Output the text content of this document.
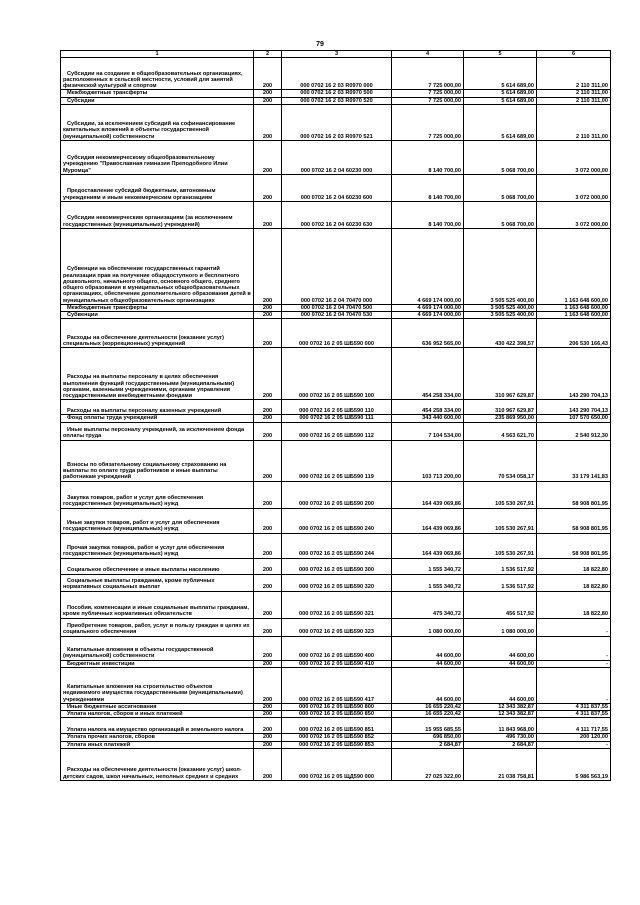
79
1	2	3	4	5	6
Субсидии на создание в общеобразовательных организациях, расположенных в сельской местности, условий для занятий физической культурой и спортом	200	000 0702 16 2 03 R0970 000	7 725 000,00	5 614 689,00	2 110 311,00
Межбюджетные трансферты	200	000 0702 16 2 03 R0970 500	7 725 000,00	5 614 689,00	2 110 311,00
Субсидии	200	000 0702 16 2 03 R0970 520	7 725 000,00	5 614 689,00	2 110 311,00
Субсидии, за исключением субсидий на софинансирование капитальных вложений в объекты государственной (муниципальной) собственности	200	000 0702 16 2 03 R0970 521	7 725 000,00	5 614 689,00	2 110 311,00
Субсидия некоммерческому общеобразовательному учреждению "Православная гимназия Преподобного Илии Муромца"	200	000 0702 16 2 04 60230 000	8 140 700,00	5 068 700,00	3 072 000,00
Предоставление субсидий бюджетным, автономным учреждениям и иным некоммерческим организациям	200	000 0702 16 2 04 60230 600	8 140 700,00	5 068 700,00	3 072 000,00
Субсидии некоммерческим организациям (за исключением государственных (муниципальных) учреждений)	200	000 0702 16 2 04 60230 630	8 140 700,00	5 068 700,00	3 072 000,00
Субвенции на обеспечение государственных гарантий реализации прав на получение общедоступного и бесплатного дошкольного, начального общего, основного общего, среднего общего образования в муниципальных общеобразовательных организациях, обеспечение дополнительного образования детей в муниципальных общеобразовательных организациях	200	000 0702 16 2 04 70470 000	4 669 174 000,00	3 505 525 400,00	1 163 648 600,00
Межбюджетные трансферты	200	000 0702 16 2 04 70470 500	4 669 174 000,00	3 505 525 400,00	1 163 648 600,00
Субвенции	200	000 0702 16 2 04 70470 530	4 669 174 000,00	3 505 525 400,00	1 163 648 600,00
Расходы на обеспечение деятельности (оказание услуг) специальных (коррекционных) учреждений	200	000 0702 16 2 05 ШБ590 000	636 952 565,00	430 422 398,57	206 530 166,43
Расходы на выплаты персоналу в целях обеспечения выполнения функций государственными (муниципальными) органами, казенными учреждениями, органами управления государственными внебюджетными фондами	200	000 0702 16 2 05 ШБ590 100	454 258 334,00	310 967 629,87	143 290 704,13
Расходы на выплаты персоналу казенных учреждений	200	000 0702 16 2 05 ШБ590 110	454 258 334,00	310 967 629,87	143 290 704,13
Фонд оплаты труда учреждений	200	000 0702 16 2 05 ШБ590 111	343 440 600,00	235 869 950,00	107 570 650,00
Иные выплаты персоналу учреждений, за исключением фонда оплаты труда	200	000 0702 16 2 05 ШБ590 112	7 104 534,00	4 563 621,70	2 540 912,30
Взносы по обязательному социальному страхованию на выплаты по оплате труда работников и иные выплаты работникам учреждений	200	000 0702 16 2 05 ШБ590 119	103 713 200,00	70 534 058,17	33 179 141,83
Закупка товаров, работ и услуг для обеспечения государственных (муниципальных) нужд	200	000 0702 16 2 05 ШБ590 200	164 439 069,86	105 530 267,91	58 908 801,95
Иные закупки товаров, работ и услуг для обеспечения государственных (муниципальных) нужд	200	000 0702 16 2 05 ШБ590 240	164 439 069,86	105 530 267,91	58 908 801,95
Прочая закупка товаров, работ и услуг для обеспечения государственных (муниципальных) нужд	200	000 0702 16 2 05 ШБ590 244	164 439 069,86	105 530 267,91	58 908 801,95
Социальное обеспечение и иные выплаты населению	200	000 0702 16 2 05 ШБ590 300	1 555 340,72	1 536 517,92	18 822,80
Социальные выплаты гражданам, кроме публичных нормативных социальных выплат	200	000 0702 16 2 05 ШБ590 320	1 555 340,72	1 536 517,92	18 822,80
Пособия, компенсации и иные социальные выплаты гражданам, кроме публичных нормативных обязательств	200	000 0702 16 2 05 ШБ590 321	475 340,72	456 517,92	18 822,80
Приобретение товаров, работ, услуг в пользу граждан в целях их социального обеспечения	200	000 0702 16 2 05 ШБ590 323	1 080 000,00	1 080 000,00	-
Капитальные вложения в объекты государственной (муниципальной) собственности	200	000 0702 16 2 05 ШБ590 400	44 600,00	44 600,00	-
Бюджетные инвестиции	200	000 0702 16 2 05 ШБ590 410	44 600,00	44 600,00	-
Капитальные вложения на строительство объектов недвижимого имущества государственными (муниципальными) учреждениями	200	000 0702 16 2 05 ШБ590 417	44 600,00	44 600,00	-
Иные бюджетные ассигнования	200	000 0702 16 2 05 ШБ590 800	16 655 220,42	12 343 382,87	4 311 837,55
Уплата налогов, сборов и иных платежей	200	000 0702 16 2 05 ШБ590 850	16 655 220,42	12 343 382,87	4 311 837,55
Уплата налога на имущество организаций и земельного налога	200	000 0702 16 2 05 ШБ590 851	15 955 685,55	11 843 968,00	4 111 717,55
Уплата прочих налогов, сборов	200	000 0702 16 2 05 ШБ590 852	696 850,00	496 730,00	200 120,00
Уплата иных платежей	200	000 0702 16 2 05 ШБ590 853	2 684,87	2 684,87	-
Расходы на обеспечение деятельности (оказание услуг) школ-детских садов, школ начальных, неполных средних и средних	200	000 0702 16 2 05 ЩД590 000	27 025 322,00	21 038 758,81	5 986 563,19
